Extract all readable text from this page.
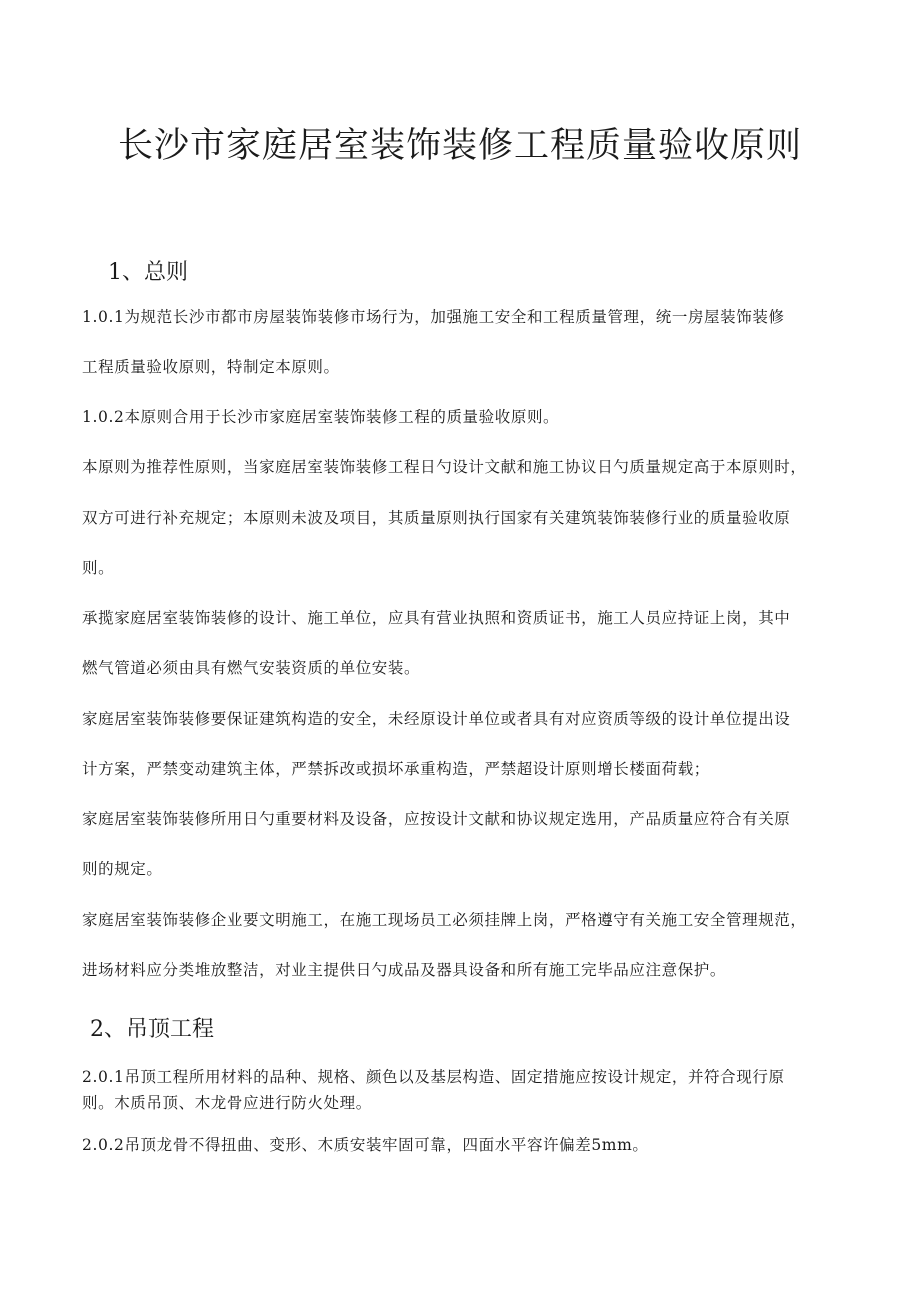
长沙市家庭居室装饰装修工程质量验收原则
1、总则
1.0.1为规范长沙市都市房屋装饰装修市场行为，加强施工安全和工程质量管理，统一房屋装饰装修
工程质量验收原则，特制定本原则。
1.0.2本原则合用于长沙市家庭居室装饰装修工程的质量验收原则。
本原则为推荐性原则，当家庭居室装饰装修工程日勺设计文献和施工协议日勺质量规定高于本原则时，
双方可进行补充规定；本原则未波及项目，其质量原则执行国家有关建筑装饰装修行业的质量验收原
则。
承揽家庭居室装饰装修的设计、施工单位，应具有营业执照和资质证书，施工人员应持证上岗，其中
燃气管道必须由具有燃气安装资质的单位安装。
家庭居室装饰装修要保证建筑构造的安全，未经原设计单位或者具有对应资质等级的设计单位提出设
计方案，严禁变动建筑主体，严禁拆改或损坏承重构造，严禁超设计原则增长楼面荷载；
家庭居室装饰装修所用日勺重要材料及设备，应按设计文献和协议规定选用，产品质量应符合有关原
则的规定。
家庭居室装饰装修企业要文明施工，在施工现场员工必须挂牌上岗，严格遵守有关施工安全管理规范，
进场材料应分类堆放整洁，对业主提供日勺成品及器具设备和所有施工完毕品应注意保护。
2、吊顶工程
2.0.1吊顶工程所用材料的品种、规格、颜色以及基层构造、固定措施应按设计规定，并符合现行原
则。木质吊顶、木龙骨应进行防火处理。
2.0.2吊顶龙骨不得扭曲、变形、木质安装牢固可靠，四面水平容许偏差5mm。
